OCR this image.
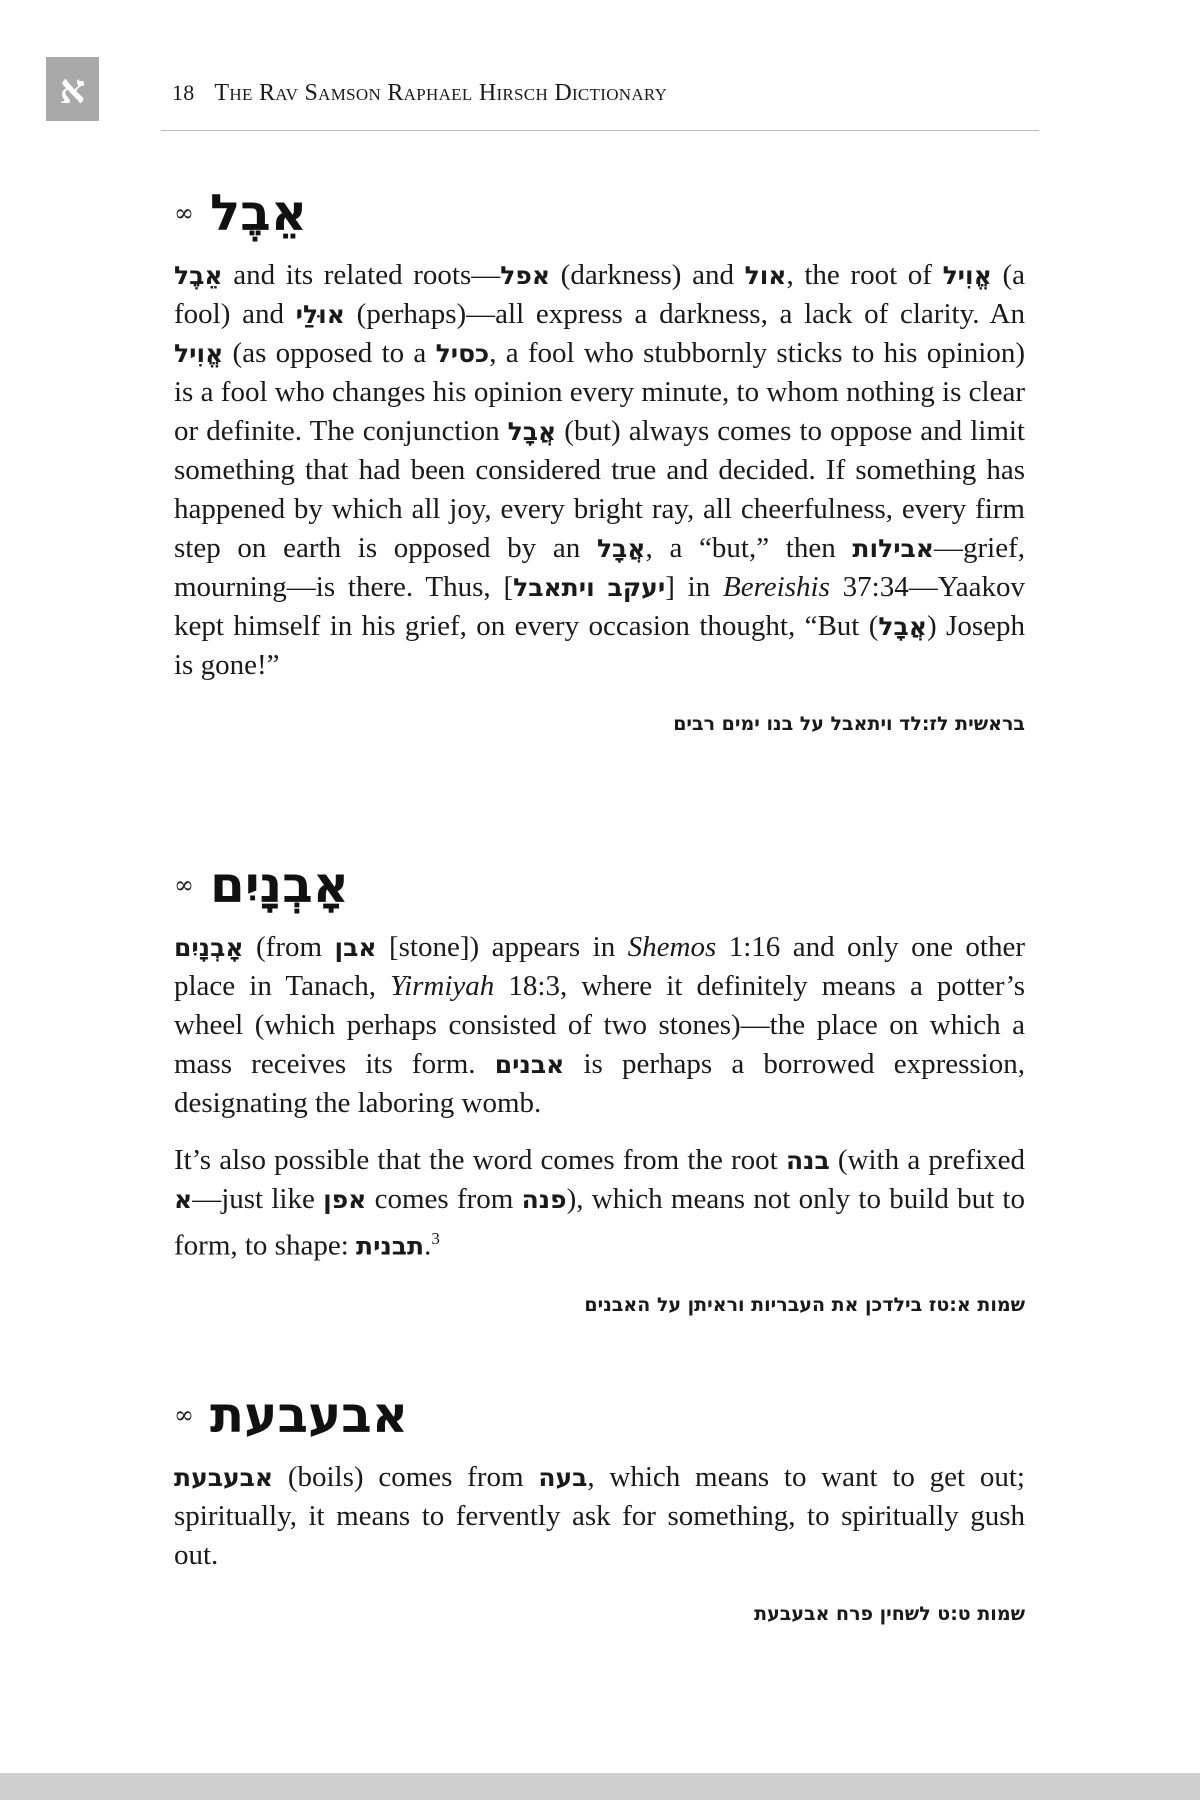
א	18 The Rav Samson Raphael Hirsch Dictionary
∞ אֵבֶל

אֵבֶל and its related roots—אפל (darkness) and אול, the root of אֱוִיל (a fool) and אוּלַי (perhaps)—all express a darkness, a lack of clarity. An אֱוִיל (as opposed to a כסיל, a fool who stubbornly sticks to his opinion) is a fool who changes his opinion every minute, to whom nothing is clear or definite. The conjunction אֲבָל (but) always comes to oppose and limit something that had been considered true and decided. If something has happened by which all joy, every bright ray, all cheerfulness, every firm step on earth is opposed by an אֲבָל, a “but,” then אבילות—grief, mourning—is there. Thus, [ויתאבל יעקב] in Bereishis 37:34—Yaakov kept himself in his grief, on every occasion thought, “But (אֲבָל) Joseph is gone!”

בראשית לז:לד ויתאבל על בנו ימים רבים
∞ אָבְנָיִם

אָבְנָיִם (from אבן [stone]) appears in Shemos 1:16 and only one other place in Tanach, Yirmiyah 18:3, where it definitely means a potter’s wheel (which perhaps consisted of two stones)—the place on which a mass receives its form. אבנים is perhaps a borrowed expression, designating the laboring womb.

It’s also possible that the word comes from the root בנה (with a prefixed א—just like אפן comes from פנה), which means not only to build but to form, to shape: תבנית.$^3$

שמות א:טז בילדכן את העבריות וראיתן על האבנים
∞ אבעבעת

אבעבעת (boils) comes from בעה, which means to want to get out; spiritually, it means to fervently ask for something, to spiritually gush out.

שמות ט:ט לשחין פרח אבעבעת
